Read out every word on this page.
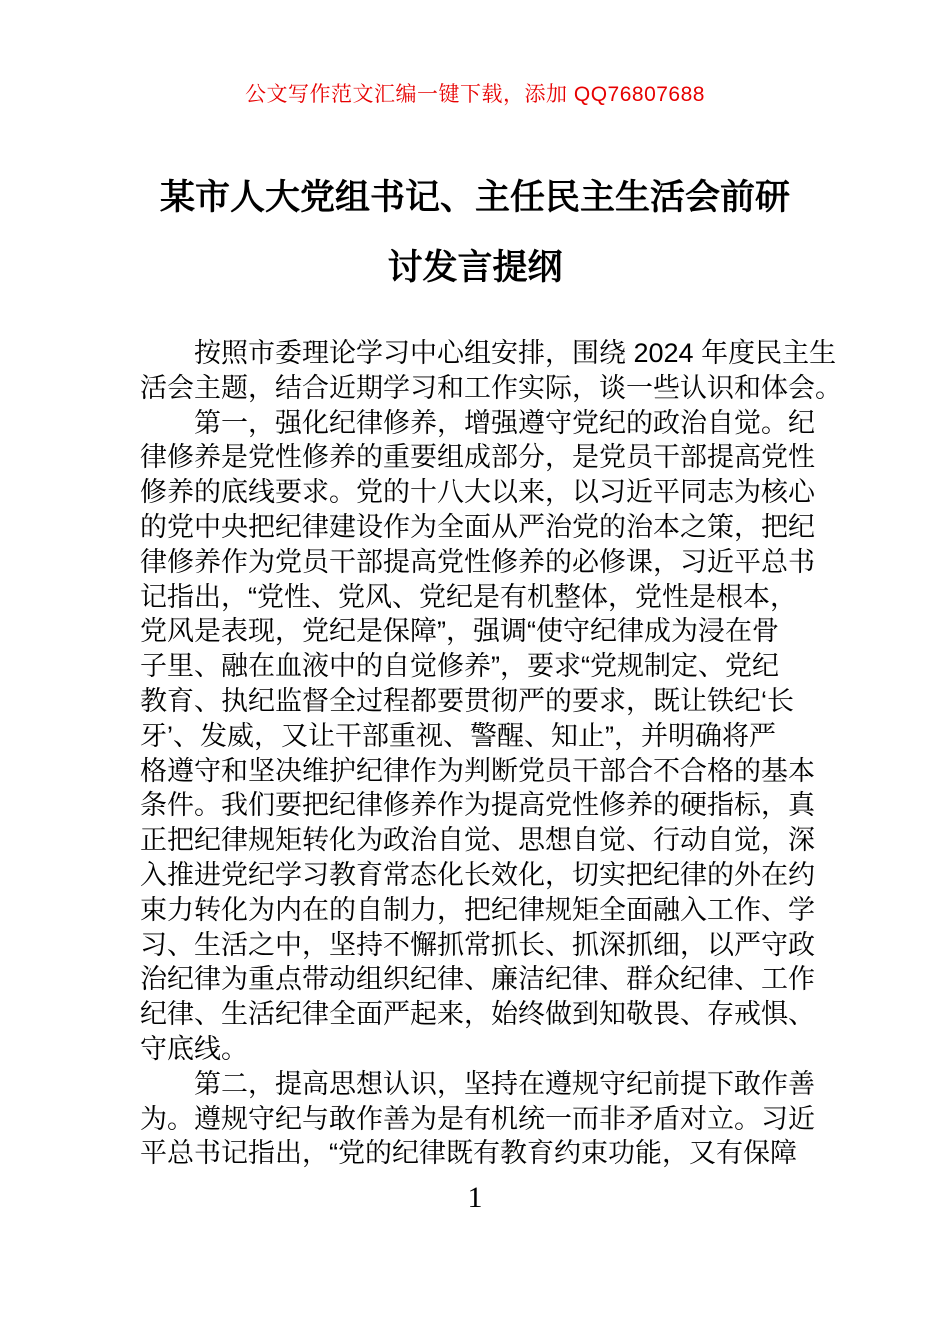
公文写作范文汇编一键下载，添加 QQ76807688
某市人大党组书记、主任民主生活会前研
讨发言提纲
按照市委理论学习中心组安排，围绕 2024 年度民主生
活会主题，结合近期学习和工作实际，谈一些认识和体会。
第一，强化纪律修养，增强遵守党纪的政治自觉。纪
律修养是党性修养的重要组成部分，是党员干部提高党性
修养的底线要求。党的十八大以来，以习近平同志为核心
的党中央把纪律建设作为全面从严治党的治本之策，把纪
律修养作为党员干部提高党性修养的必修课，习近平总书
记指出，“党性、党风、党纪是有机整体，党性是根本，
党风是表现，党纪是保障”，强调“使守纪律成为浸在骨
子里、融在血液中的自觉修养”，要求“党规制定、党纪
教育、执纪监督全过程都要贯彻严的要求，既让铁纪‘长
牙’、发威，又让干部重视、警醒、知止”，并明确将严
格遵守和坚决维护纪律作为判断党员干部合不合格的基本
条件。我们要把纪律修养作为提高党性修养的硬指标，真
正把纪律规矩转化为政治自觉、思想自觉、行动自觉，深
入推进党纪学习教育常态化长效化，切实把纪律的外在约
束力转化为内在的自制力，把纪律规矩全面融入工作、学
习、生活之中，坚持不懈抓常抓长、抓深抓细，以严守政
治纪律为重点带动组织纪律、廉洁纪律、群众纪律、工作
纪律、生活纪律全面严起来，始终做到知敬畏、存戒惧、
守底线。
第二，提高思想认识，坚持在遵规守纪前提下敢作善
为。遵规守纪与敢作善为是有机统一而非矛盾对立。习近
平总书记指出，“党的纪律既有教育约束功能，又有保障
1
